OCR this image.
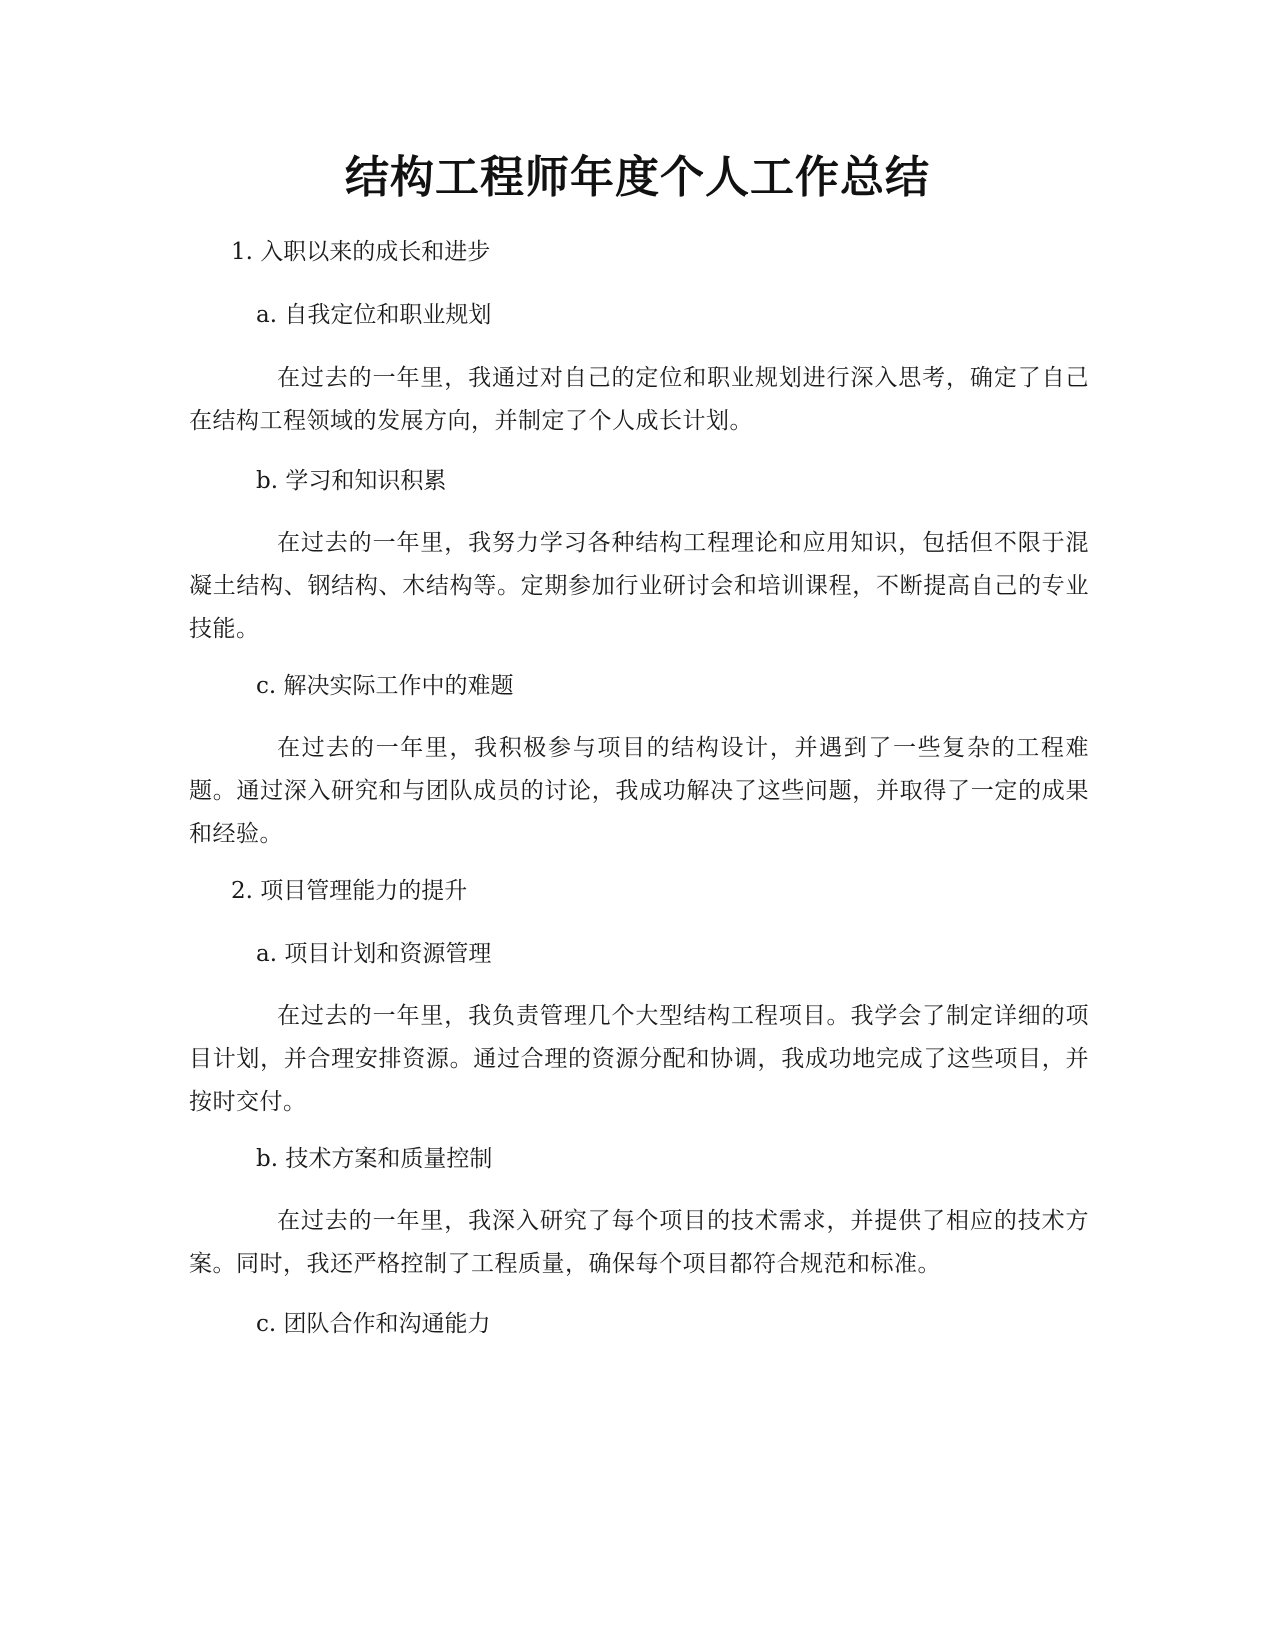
结构工程师年度个人工作总结
1. 入职以来的成长和进步
a. 自我定位和职业规划
在过去的一年里，我通过对自己的定位和职业规划进行深入思考，确定了自己在结构工程领域的发展方向，并制定了个人成长计划。
b. 学习和知识积累
在过去的一年里，我努力学习各种结构工程理论和应用知识，包括但不限于混凝土结构、钢结构、木结构等。定期参加行业研讨会和培训课程，不断提高自己的专业技能。
c. 解决实际工作中的难题
在过去的一年里，我积极参与项目的结构设计，并遇到了一些复杂的工程难题。通过深入研究和与团队成员的讨论，我成功解决了这些问题，并取得了一定的成果和经验。
2. 项目管理能力的提升
a. 项目计划和资源管理
在过去的一年里，我负责管理几个大型结构工程项目。我学会了制定详细的项目计划，并合理安排资源。通过合理的资源分配和协调，我成功地完成了这些项目，并按时交付。
b. 技术方案和质量控制
在过去的一年里，我深入研究了每个项目的技术需求，并提供了相应的技术方案。同时，我还严格控制了工程质量，确保每个项目都符合规范和标准。
c. 团队合作和沟通能力
